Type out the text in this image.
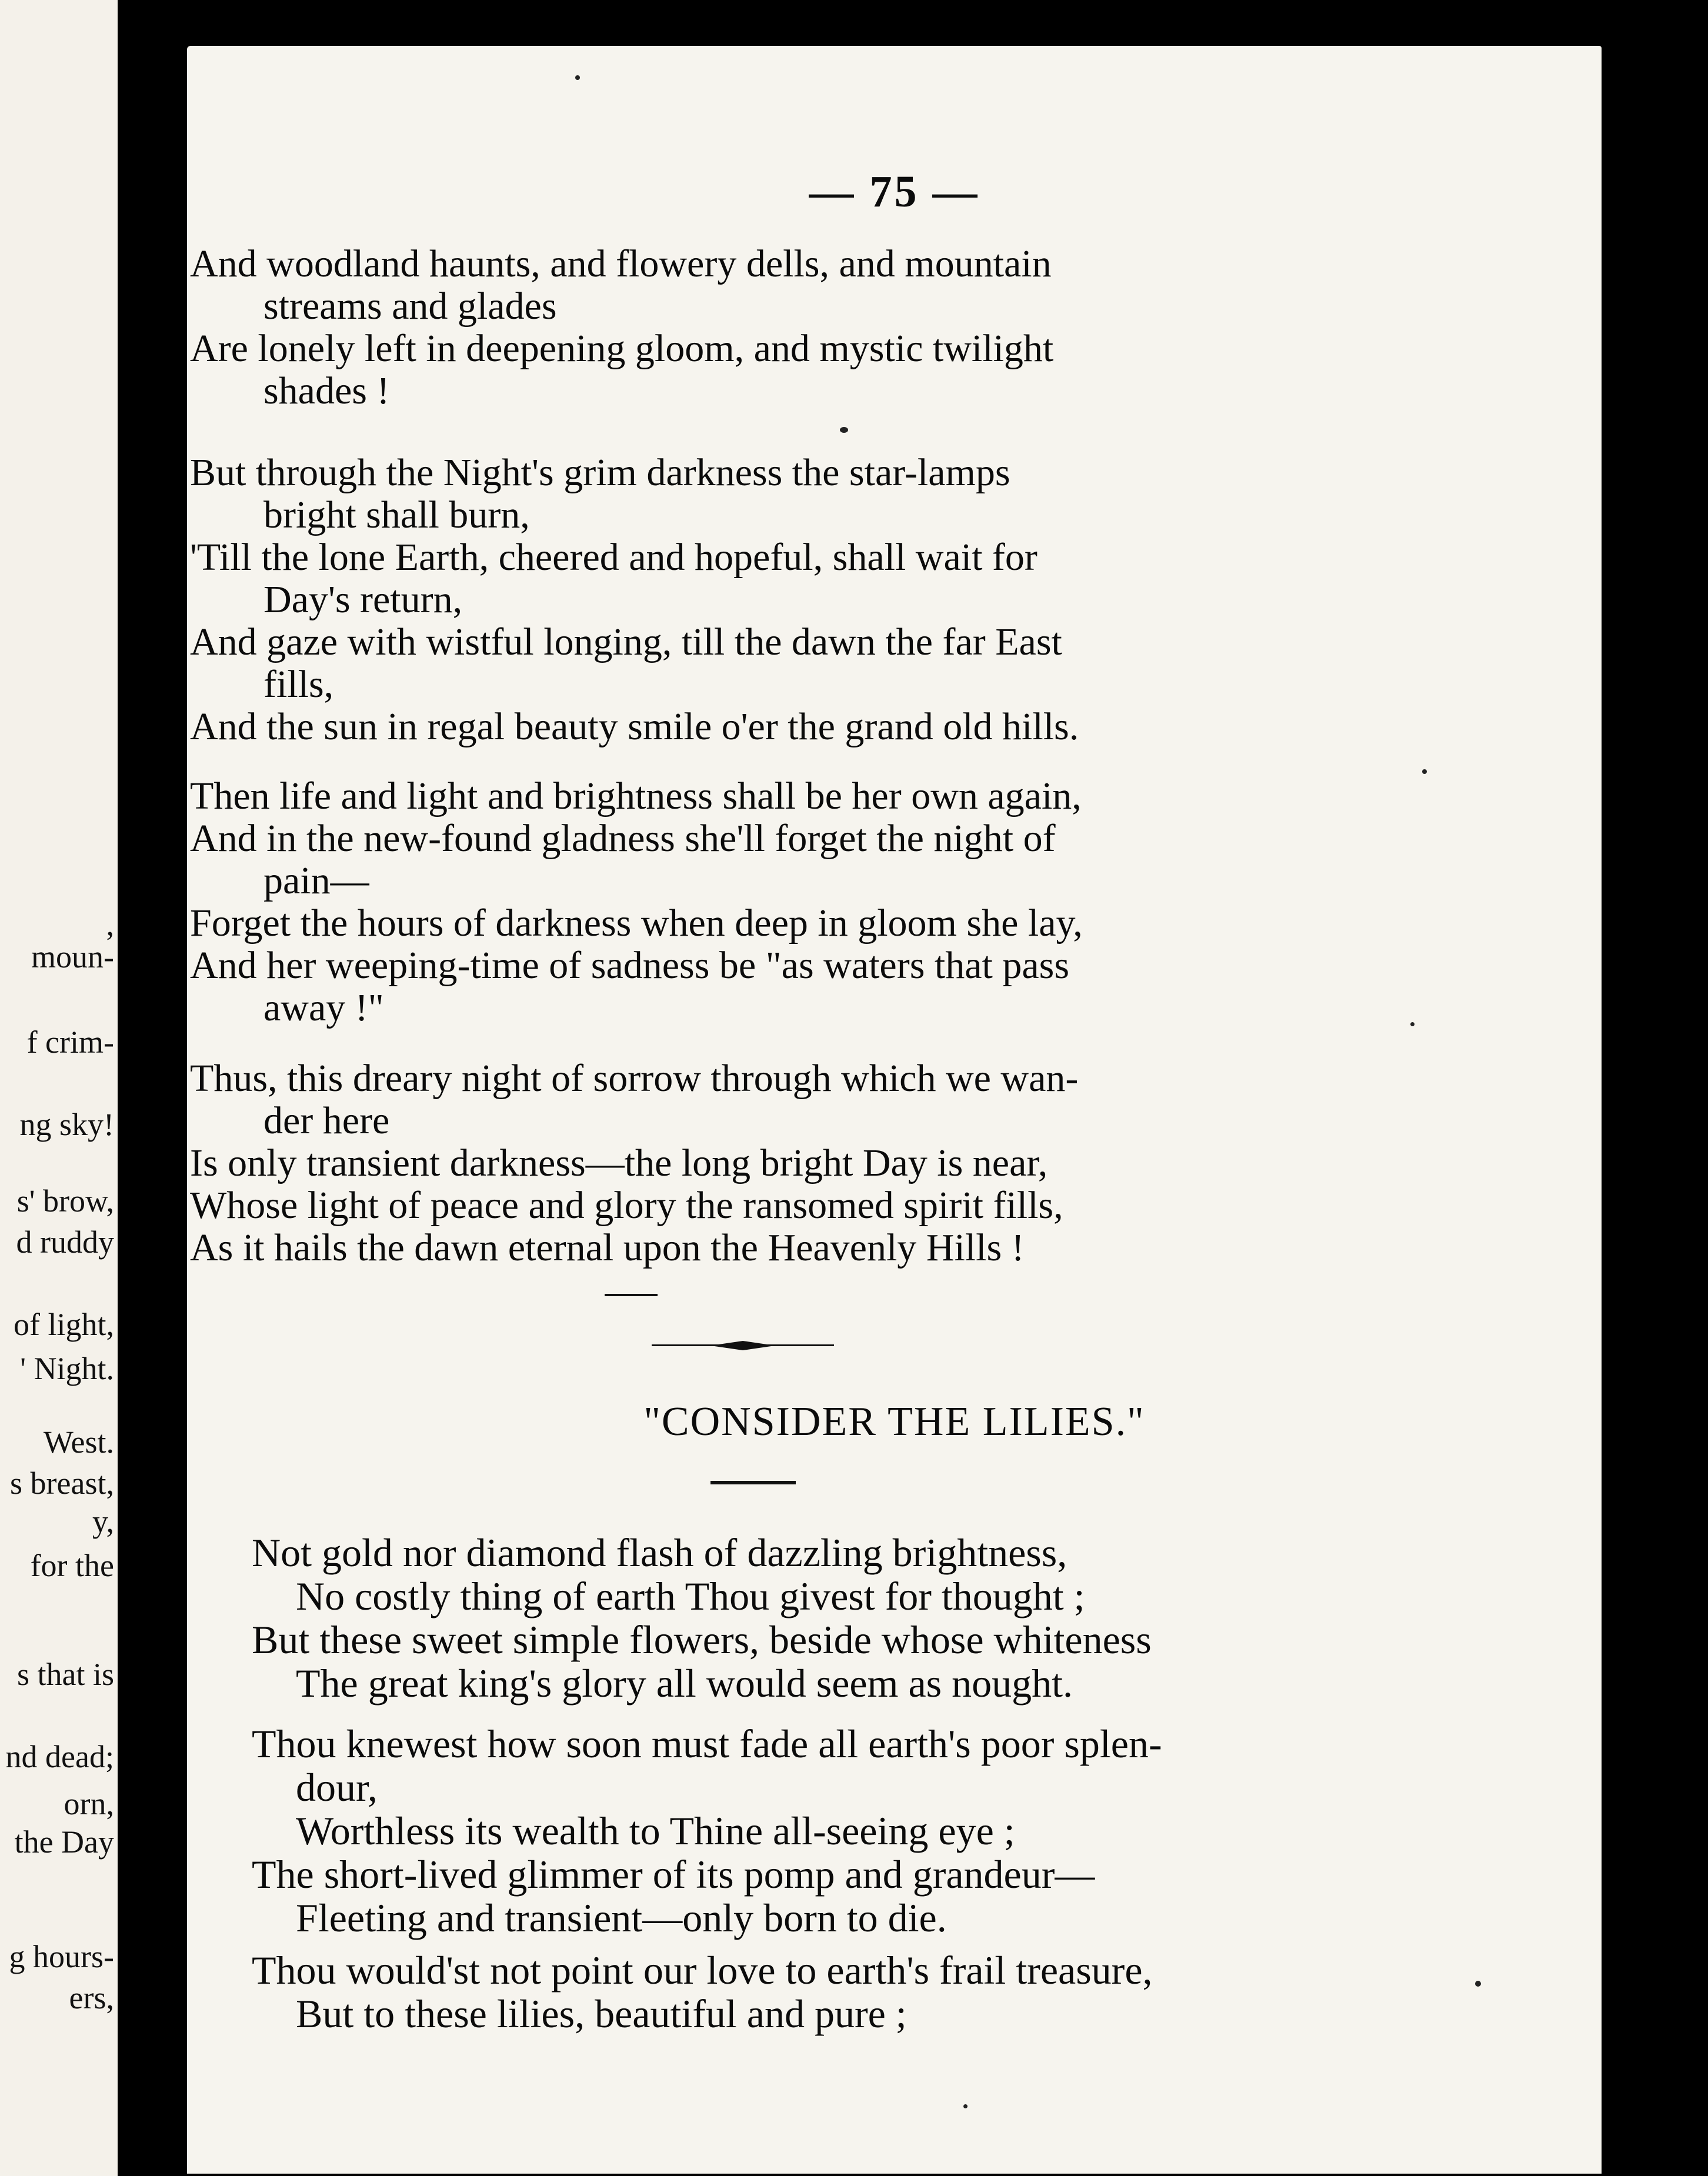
,
moun-
f crim-
ng sky!
s' brow,
d ruddy
of light,
' Night.
West.
s breast,
y,
for the
s that is
nd dead;
orn,
the Day
g hours-
ers,
— 75 —

And woodland haunts, and flowery dells, and mountain

streams and glades

Are lonely left in deepening gloom, and mystic twilight

shades !

But through the Night's grim darkness the star-lamps

bright shall burn,

'Till the lone Earth, cheered and hopeful, shall wait for

Day's return,

And gaze with wistful longing, till the dawn the far East

fills,

And the sun in regal beauty smile o'er the grand old hills.

Then life and light and brightness shall be her own again,

And in the new-found gladness she'll forget the night of

pain—

Forget the hours of darkness when deep in gloom she lay,

And her weeping-time of sadness be "as waters that pass

away !"

Thus, this dreary night of sorrow through which we wan-

der here

Is only transient darkness—the long bright Day is near,

Whose light of peace and glory the ransomed spirit fills,

As it hails the dawn eternal upon the Heavenly Hills !

"CONSIDER THE LILIES."

Not gold nor diamond flash of dazzling brightness,

No costly thing of earth Thou givest for thought ;

But these sweet simple flowers, beside whose whiteness

The great king's glory all would seem as nought.

Thou knewest how soon must fade all earth's poor splen-

dour,

Worthless its wealth to Thine all-seeing eye ;

The short-lived glimmer of its pomp and grandeur—

Fleeting and transient—only born to die.

Thou would'st not point our love to earth's frail treasure,

But to these lilies, beautiful and pure ;
